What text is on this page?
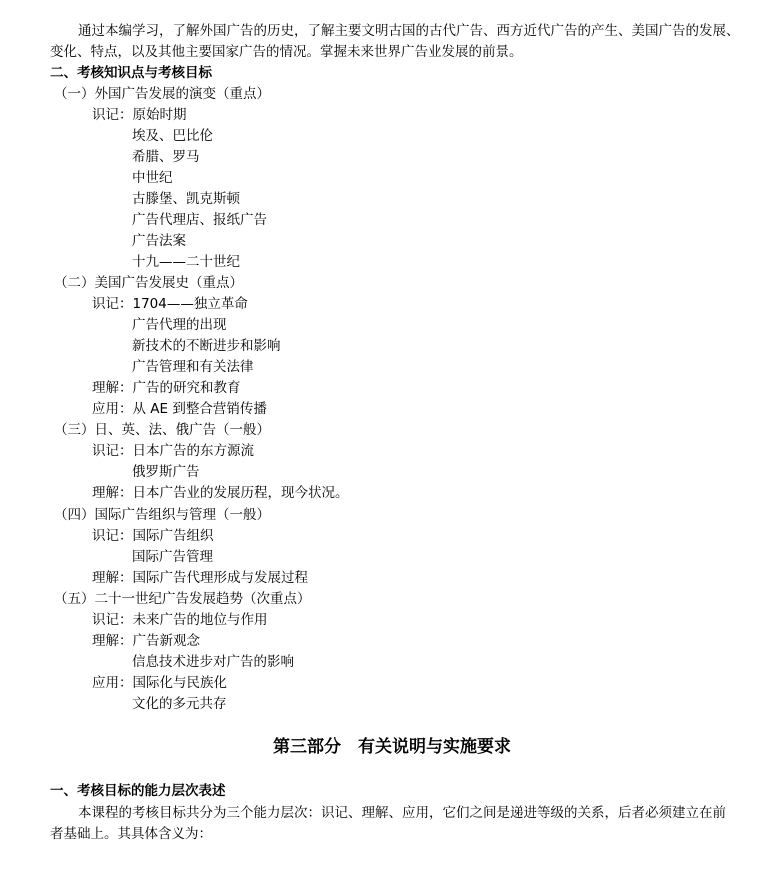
通过本编学习，了解外国广告的历史，了解主要文明古国的古代广告、西方近代广告的产生、美国广告的发展、
变化、特点，以及其他主要国家广告的情况。掌握未来世界广告业发展的前景。
二、考核知识点与考核目标
（一）外国广告发展的演变（重点）
识记：原始时期
埃及、巴比伦
希腊、罗马
中世纪
古滕堡、凯克斯顿
广告代理店、报纸广告
广告法案
十九——二十世纪
（二）美国广告发展史（重点）
识记：1704——独立革命
广告代理的出现
新技术的不断进步和影响
广告管理和有关法律
理解：广告的研究和教育
应用：从 AE 到整合营销传播
（三）日、英、法、俄广告（一般）
识记：日本广告的东方源流
俄罗斯广告
理解：日本广告业的发展历程，现今状况。
（四）国际广告组织与管理（一般）
识记：国际广告组织
国际广告管理
理解：国际广告代理形成与发展过程
（五）二十一世纪广告发展趋势（次重点）
识记：未来广告的地位与作用
理解：广告新观念
信息技术进步对广告的影响
应用：国际化与民族化
文化的多元共存
第三部分　有关说明与实施要求
一、考核目标的能力层次表述
本课程的考核目标共分为三个能力层次：识记、理解、应用，它们之间是递进等级的关系，后者必须建立在前
者基础上。其具体含义为：
